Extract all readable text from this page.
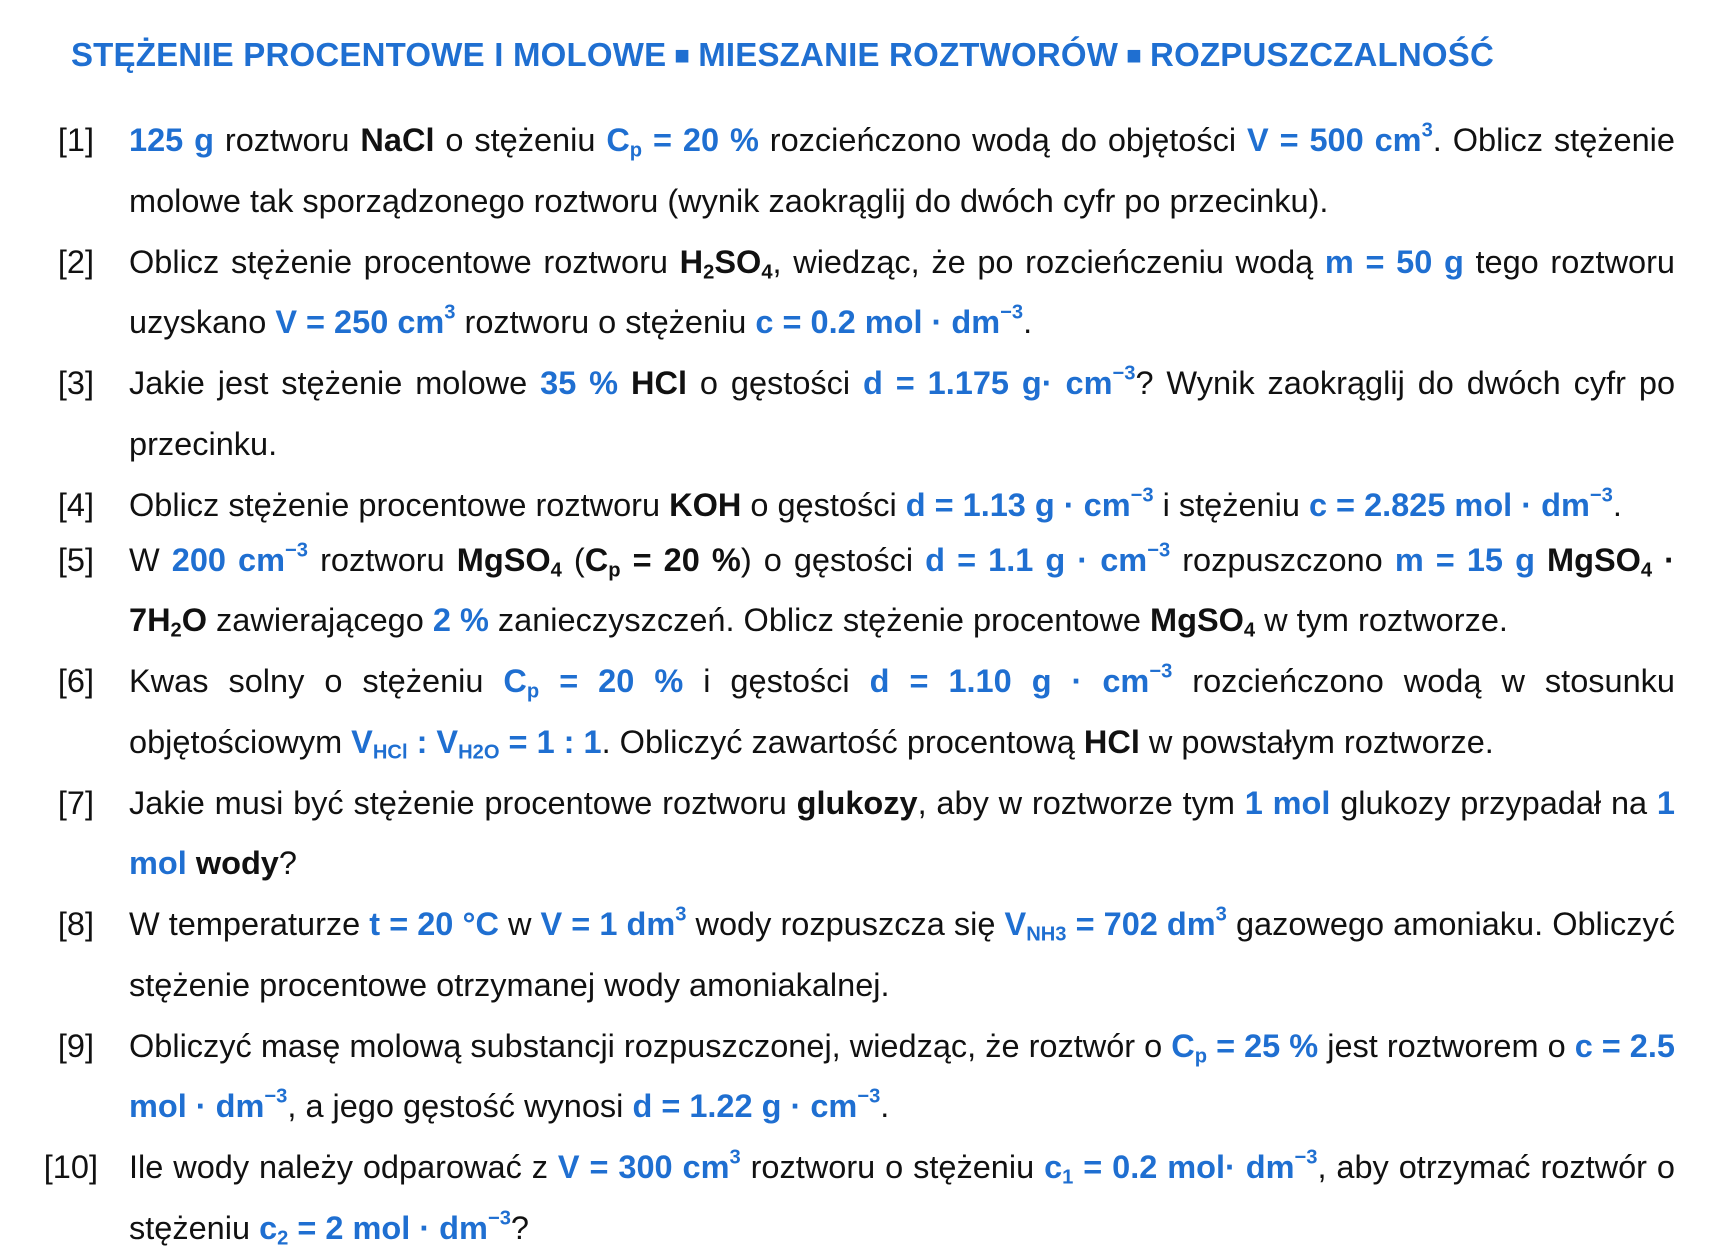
STĘŻENIE PROCENTOWE I MOLOWE ■ MIESZANIE ROZTWORÓW ■ ROZPUSZCZALNOŚĆ
[1] 125 g roztworu NaCl o stężeniu $C_p = 20$ % rozcieńczono wodą do objętości V = 500 $cm^3$. Oblicz stężenie molowe tak sporządzonego roztworu (wynik zaokrąglij do dwóch cyfr po przecinku).
[2] Oblicz stężenie procentowe roztworu $H_2SO_4$, wiedząc, że po rozcieńczeniu wodą m = 50 g tego roztworu uzyskano V = 250 $cm^3$ roztworu o stężeniu c = 0.2 mol · $dm^{-3}$.
[3] Jakie jest stężenie molowe 35 % HCl o gęstości d = 1.175 $g\cdot cm^{-3}$? Wynik zaokrąglij do dwóch cyfr po przecinku.
[4] Oblicz stężenie procentowe roztworu KOH o gęstości d = 1.13 $g \cdot cm^{-3}$ i stężeniu c = 2.825 mol · $dm^{-3}$.
[5] W 200 $cm^{-3}$ roztworu MgSO$_4$ ($C_p = 20$ %) o gęstości d = 1.1 $g \cdot cm^{-3}$ rozpuszczono m = 15 g MgSO$_4$ · $7H_2O$ zawierającego 2 % zanieczyszczeń. Oblicz stężenie procentowe MgSO$_4$ w tym roztworze.
[6] Kwas solny o stężeniu $C_p = 20$ % i gęstości d = 1.10 $g \cdot cm^{-3}$ rozcieńczono wodą w stosunku objętościowym $V_{HCl}$ : $V_{H2O} = 1$ : 1. Obliczyć zawartość procentową HCl w powstałym roztworze.
[7] Jakie musi być stężenie procentowe roztworu glukozy, aby w roztworze tym 1 mol glukozy przypadał na 1 mol wody?
[8] W temperaturze t = 20 °C w V = 1 $dm^3$ wody rozpuszcza się $V_{NH3} = 702$ $dm^3$ gazowego amoniaku. Obliczyć stężenie procentowe otrzymanej wody amoniakalnej.
[9] Obliczyć masę molową substancji rozpuszczonej, wiedząc, że roztwór o $C_p = 25$ % jest roztworem o c = 2.5 mol · $dm^{-3}$, a jego gęstość wynosi d = 1.22 $g \cdot cm^{-3}$.
[10] Ile wody należy odparować z V = 300 $cm^3$ roztworu o stężeniu $c_1 = 0.2$ $mol\cdot dm^{-3}$, aby otrzymać roztwór o stężeniu $c_2 = 2$ mol · $dm^{-3}$?
